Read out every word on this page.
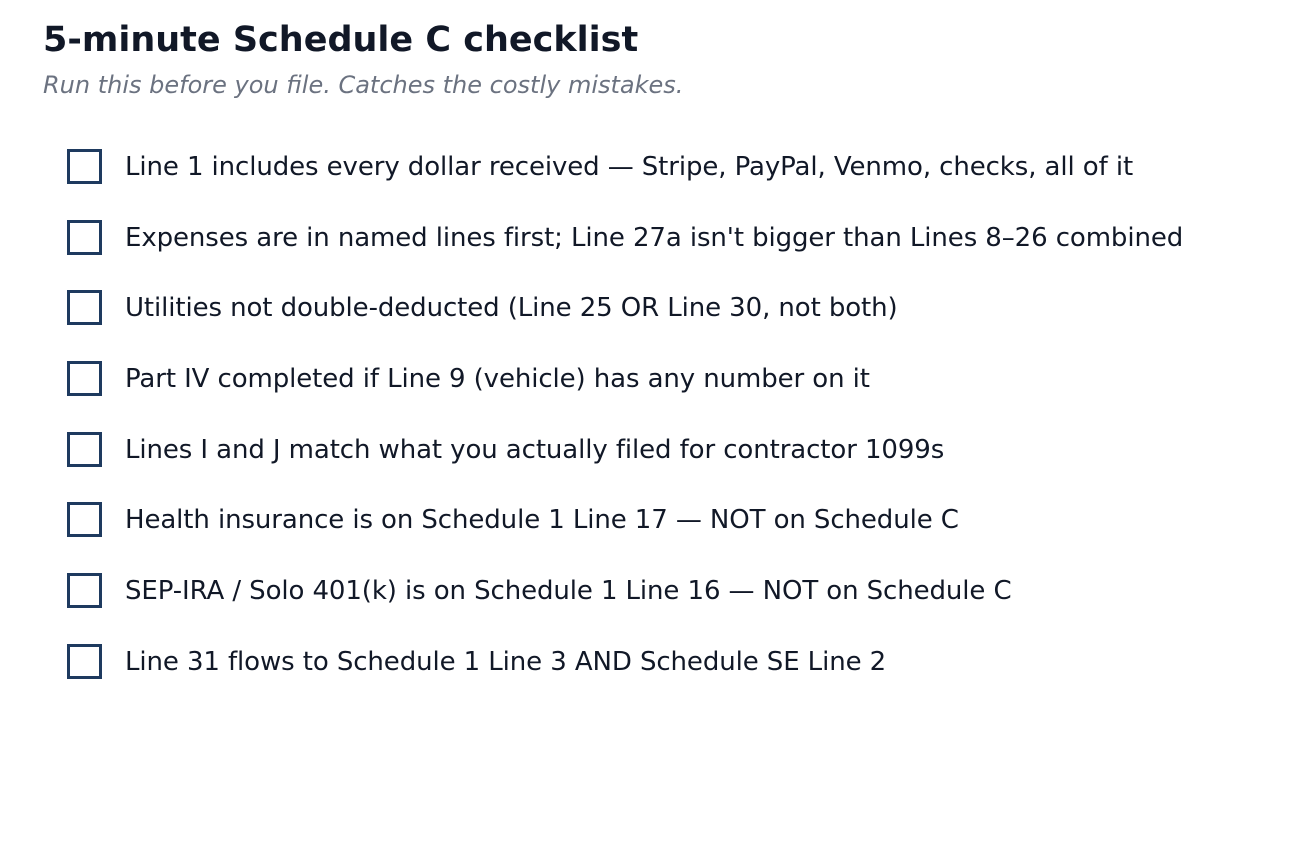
5-minute Schedule C checklist

Run this before you file. Catches the costly mistakes.

Line 1 includes every dollar received — Stripe, PayPal, Venmo, checks, all of it
Expenses are in named lines first; Line 27a isn't bigger than Lines 8–26 combined
Utilities not double-deducted (Line 25 OR Line 30, not both)
Part IV completed if Line 9 (vehicle) has any number on it
Lines I and J match what you actually filed for contractor 1099s
Health insurance is on Schedule 1 Line 17 — NOT on Schedule C
SEP-IRA / Solo 401(k) is on Schedule 1 Line 16 — NOT on Schedule C
Line 31 flows to Schedule 1 Line 3 AND Schedule SE Line 2
